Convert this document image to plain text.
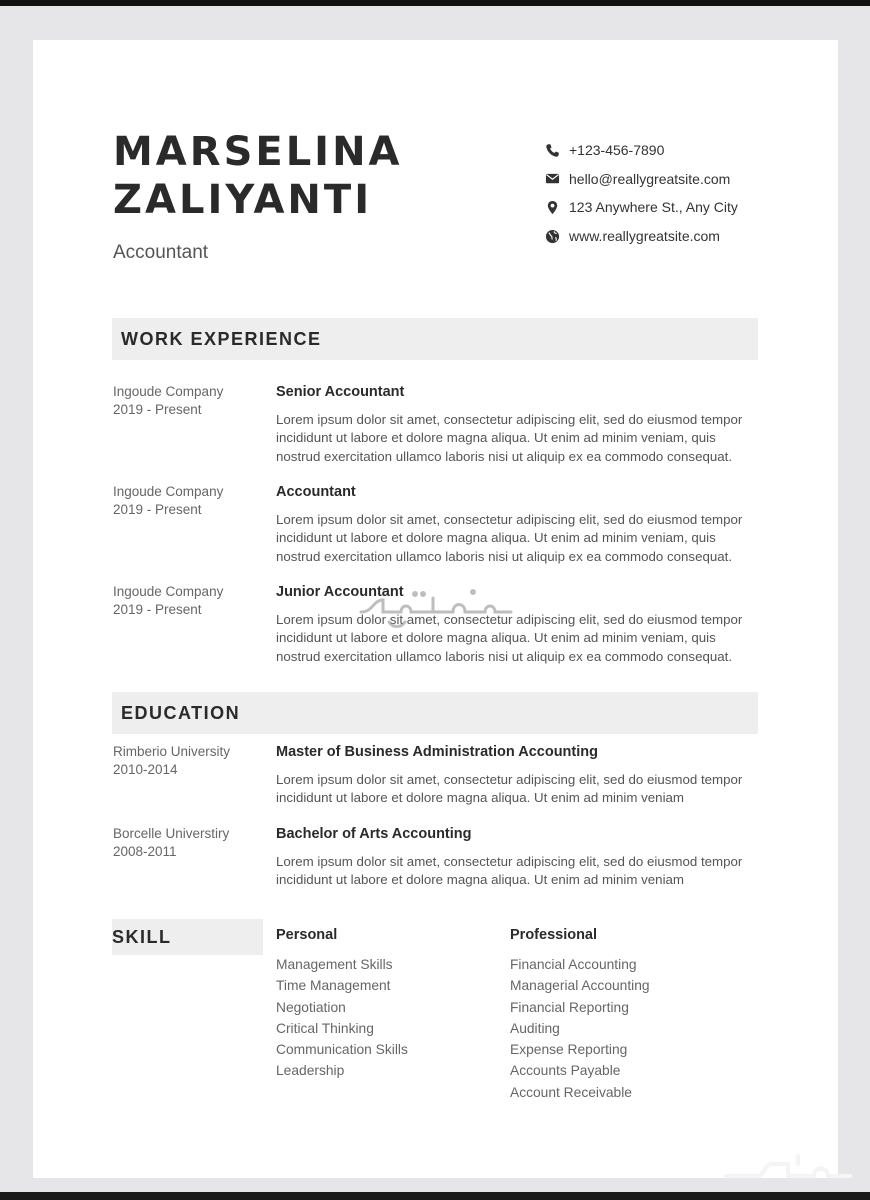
MARSELINA
ZALIYANTI
Accountant
+123-456-7890
hello@reallygreatsite.com
123 Anywhere St., Any City
www.reallygreatsite.com
WORK EXPERIENCE
Ingoude Company
2019 - Present
Senior Accountant
Lorem ipsum dolor sit amet, consectetur adipiscing elit, sed do eiusmod tempor incididunt ut labore et dolore magna aliqua. Ut enim ad minim veniam, quis nostrud exercitation ullamco laboris nisi ut aliquip ex ea commodo consequat.
Ingoude Company
2019 - Present
Accountant
Lorem ipsum dolor sit amet, consectetur adipiscing elit, sed do eiusmod tempor incididunt ut labore et dolore magna aliqua. Ut enim ad minim veniam, quis nostrud exercitation ullamco laboris nisi ut aliquip ex ea commodo consequat.
Ingoude Company
2019 - Present
Junior Accountant
Lorem ipsum dolor sit amet, consectetur adipiscing elit, sed do eiusmod tempor incididunt ut labore et dolore magna aliqua. Ut enim ad minim veniam, quis nostrud exercitation ullamco laboris nisi ut aliquip ex ea commodo consequat.
EDUCATION
Rimberio University
2010-2014
Master of Business Administration Accounting
Lorem ipsum dolor sit amet, consectetur adipiscing elit, sed do eiusmod tempor incididunt ut labore et dolore magna aliqua. Ut enim ad minim veniam
Borcelle Universtiry
2008-2011
Bachelor of Arts Accounting
Lorem ipsum dolor sit amet, consectetur adipiscing elit, sed do eiusmod tempor incididunt ut labore et dolore magna aliqua. Ut enim ad minim veniam
SKILL	Personal
Management Skills
Time Management
Negotiation
Critical Thinking
Communication Skills
Leadership
Professional
Financial Accounting
Managerial Accounting
Financial Reporting
Auditing
Expense Reporting
Accounts Payable
Account Receivable
